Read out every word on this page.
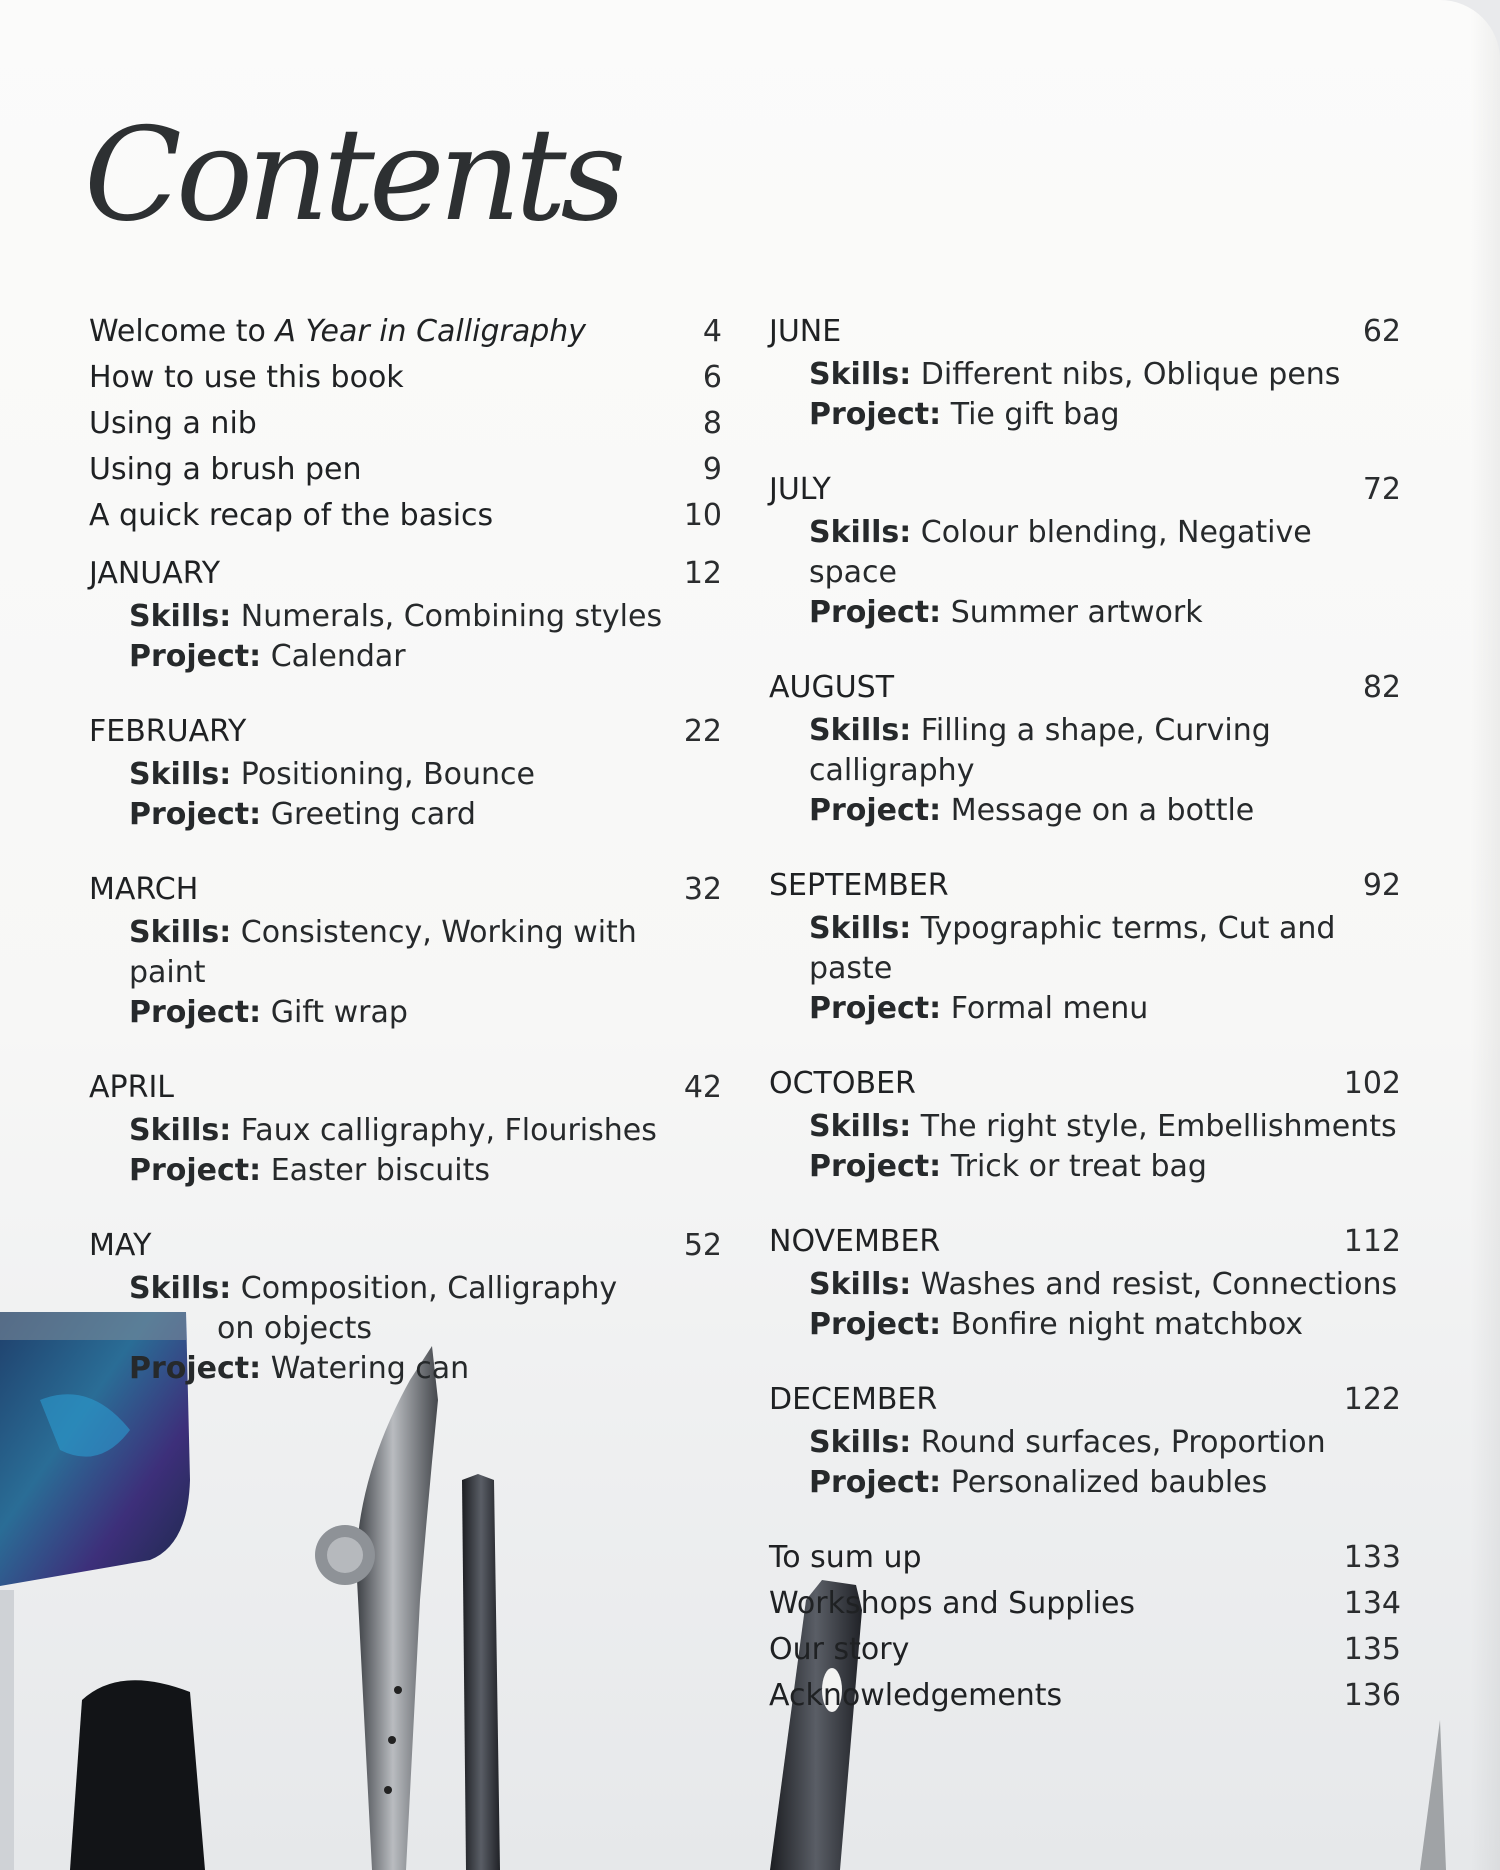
Contents
Welcome to A Year in Calligraphy	4
How to use this book	6
Using a nib	8
Using a brush pen	9
A quick recap of the basics	10
JANUARY	12
Skills: Numerals, Combining styles
Project: Calendar
FEBRUARY	22
Skills: Positioning, Bounce
Project: Greeting card
MARCH	32
Skills: Consistency, Working with paint
Project: Gift wrap
APRIL	42
Skills: Faux calligraphy, Flourishes
Project: Easter biscuits
MAY	52
Skills: Composition, Calligraphy
on objects
Project: Watering can
JUNE	62
Skills: Different nibs, Oblique pens
Project: Tie gift bag
JULY	72
Skills: Colour blending, Negative space
Project: Summer artwork
AUGUST	82
Skills: Filling a shape, Curving calligraphy
Project: Message on a bottle
SEPTEMBER	92
Skills: Typographic terms, Cut and paste
Project: Formal menu
OCTOBER	102
Skills: The right style, Embellishments
Project: Trick or treat bag
NOVEMBER	112
Skills: Washes and resist, Connections
Project: Bonfire night matchbox
DECEMBER	122
Skills: Round surfaces, Proportion
Project: Personalized baubles
To sum up	133
Workshops and Supplies	134
Our story	135
Acknowledgements	136
